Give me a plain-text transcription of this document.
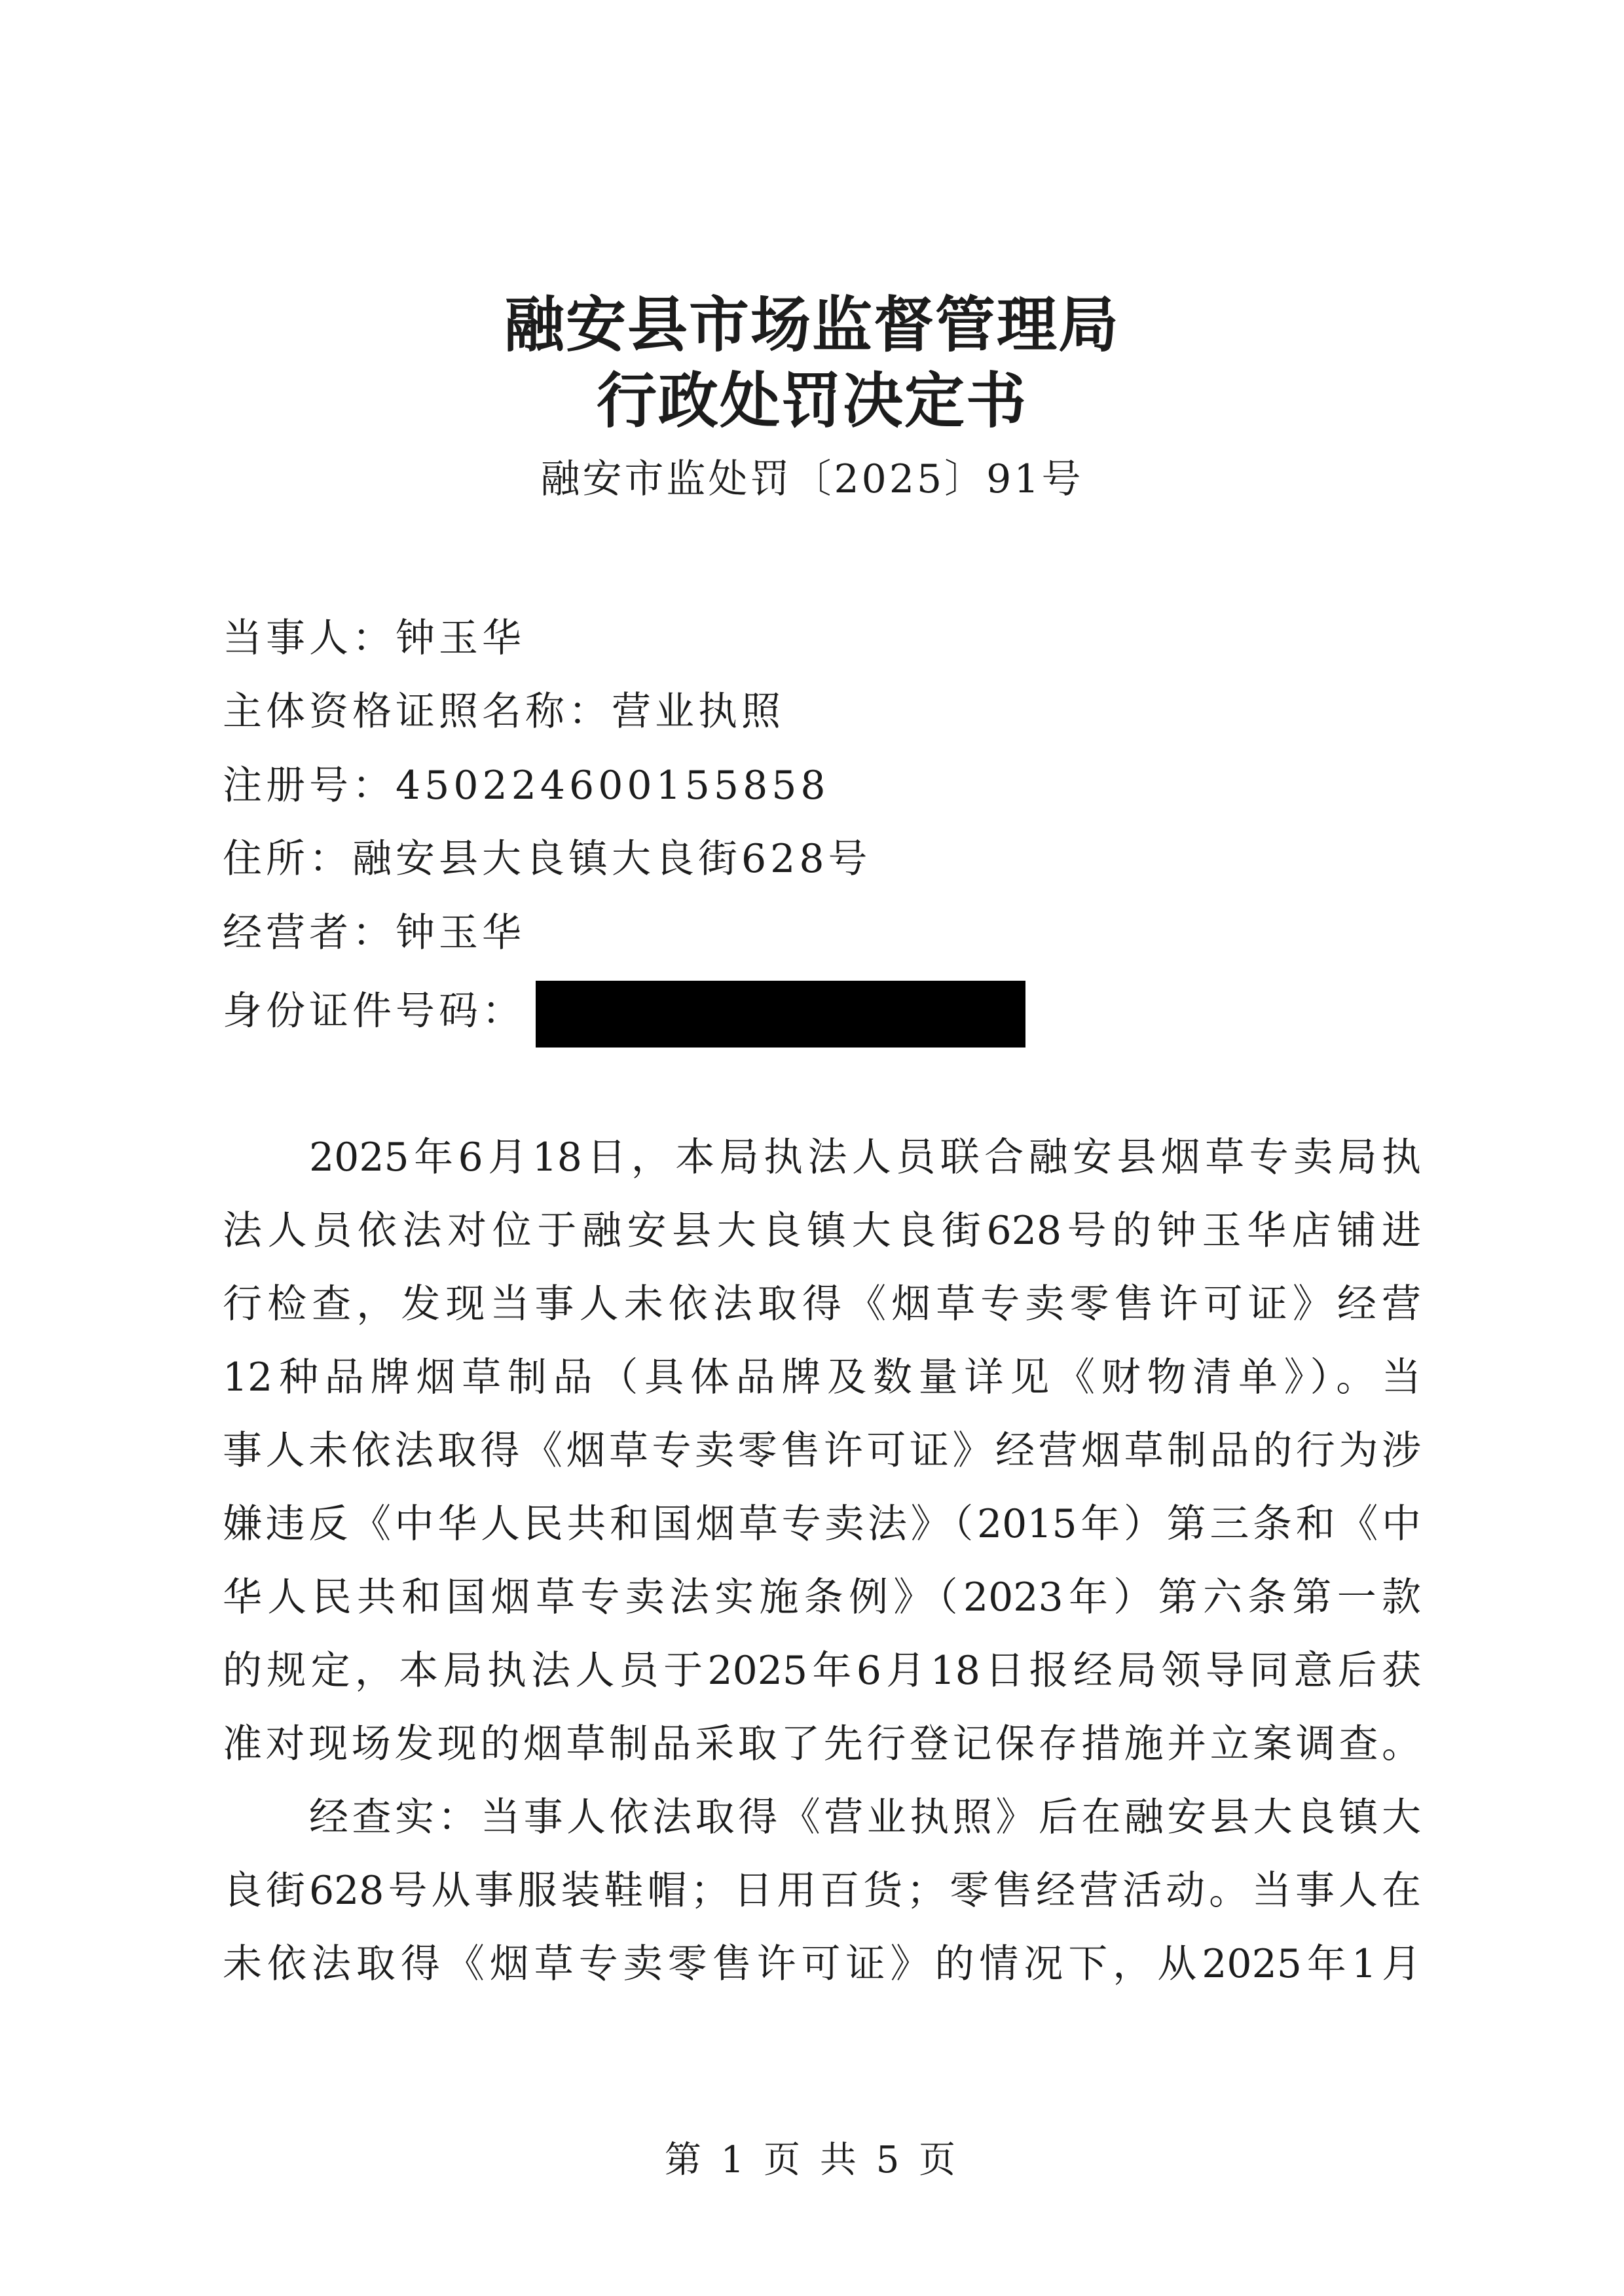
融安县市场监督管理局
行政处罚决定书
融安市监处罚〔2025〕91号
当事人：钟玉华
主体资格证照名称：营业执照
注册号：450224600155858
住所：融安县大良镇大良街628号
经营者：钟玉华
身份证件号码：
2025年6月18日，本局执法人员联合融安县烟草专卖局执
法人员依法对位于融安县大良镇大良街628号的钟玉华店铺进
行检查，发现当事人未依法取得《烟草专卖零售许可证》经营
12种品牌烟草制品（具体品牌及数量详见《财物清单》）。当
事人未依法取得《烟草专卖零售许可证》经营烟草制品的行为涉
嫌违反《中华人民共和国烟草专卖法》（2015年）第三条和《中
华人民共和国烟草专卖法实施条例》（2023年）第六条第一款
的规定，本局执法人员于2025年6月18日报经局领导同意后获
准对现场发现的烟草制品采取了先行登记保存措施并立案调查。
经查实：当事人依法取得《营业执照》后在融安县大良镇大
良街628号从事服装鞋帽；日用百货；零售经营活动。当事人在
未依法取得《烟草专卖零售许可证》的情况下，从2025年1月
第 1 页 共 5 页
